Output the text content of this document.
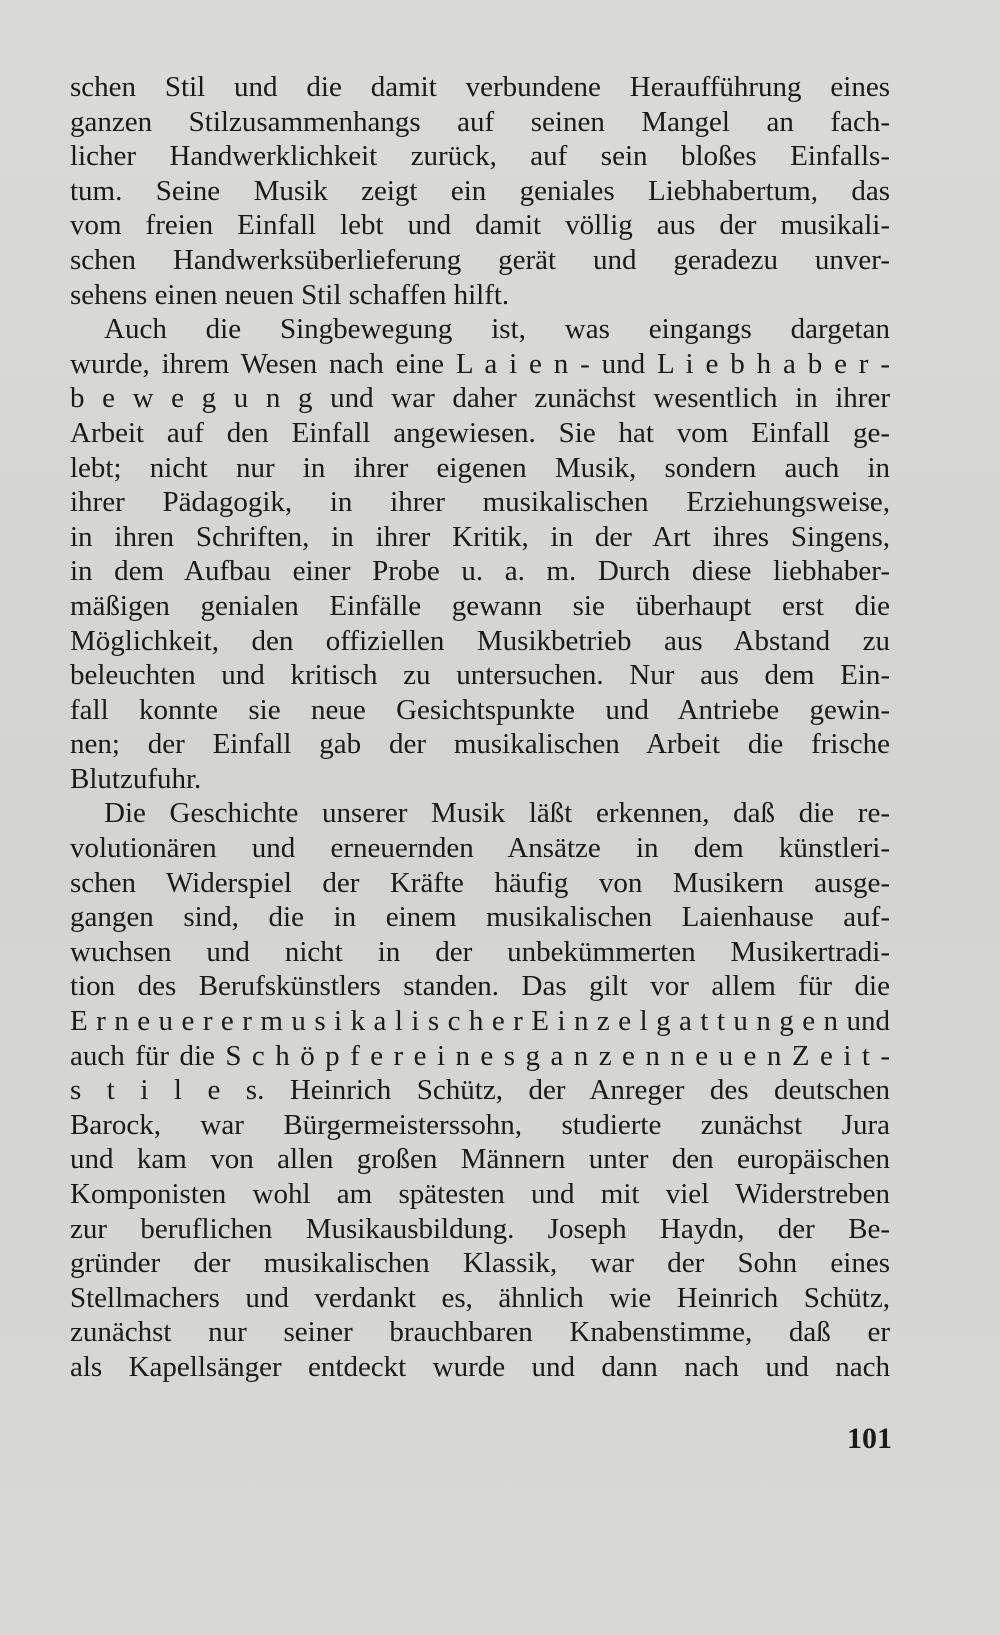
schen Stil und die damit verbundene Heraufführung eines
ganzen Stilzusammenhangs auf seinen Mangel an fach-
licher Handwerklichkeit zurück, auf sein bloßes Einfalls-
tum. Seine Musik zeigt ein geniales Liebhabertum, das
vom freien Einfall lebt und damit völlig aus der musikali-
schen Handwerksüberlieferung gerät und geradezu unver-
sehens einen neuen Stil schaffen hilft.
Auch die Singbewegung ist, was eingangs dargetan
wurde, ihrem Wesen nach eine L a i e n - und L i e b h a b e r -
b e w e g u n g und war daher zunächst wesentlich in ihrer
Arbeit auf den Einfall angewiesen. Sie hat vom Einfall ge-
lebt; nicht nur in ihrer eigenen Musik, sondern auch in
ihrer Pädagogik, in ihrer musikalischen Erziehungsweise,
in ihren Schriften, in ihrer Kritik, in der Art ihres Singens,
in dem Aufbau einer Probe u. a. m. Durch diese liebhaber-
mäßigen genialen Einfälle gewann sie überhaupt erst die
Möglichkeit, den offiziellen Musikbetrieb aus Abstand zu
beleuchten und kritisch zu untersuchen. Nur aus dem Ein-
fall konnte sie neue Gesichtspunkte und Antriebe gewin-
nen; der Einfall gab der musikalischen Arbeit die frische
Blutzufuhr.
Die Geschichte unserer Musik läßt erkennen, daß die re-
volutionären und erneuernden Ansätze in dem künstleri-
schen Widerspiel der Kräfte häufig von Musikern ausge-
gangen sind, die in einem musikalischen Laienhause auf-
wuchsen und nicht in der unbekümmerten Musikertradi-
tion des Berufskünstlers standen. Das gilt vor allem für die
E r n e u e r e r m u s i k a l i s c h e r E i n z e l g a t t u n g e n und
auch für die S c h ö p f e r e i n e s g a n z e n n e u e n Z e i t -
s t i l e s. Heinrich Schütz, der Anreger des deutschen
Barock, war Bürgermeisterssohn, studierte zunächst Jura
und kam von allen großen Männern unter den europäischen
Komponisten wohl am spätesten und mit viel Widerstreben
zur beruflichen Musikausbildung. Joseph Haydn, der Be-
gründer der musikalischen Klassik, war der Sohn eines
Stellmachers und verdankt es, ähnlich wie Heinrich Schütz,
zunächst nur seiner brauchbaren Knabenstimme, daß er
als Kapellsänger entdeckt wurde und dann nach und nach
101
